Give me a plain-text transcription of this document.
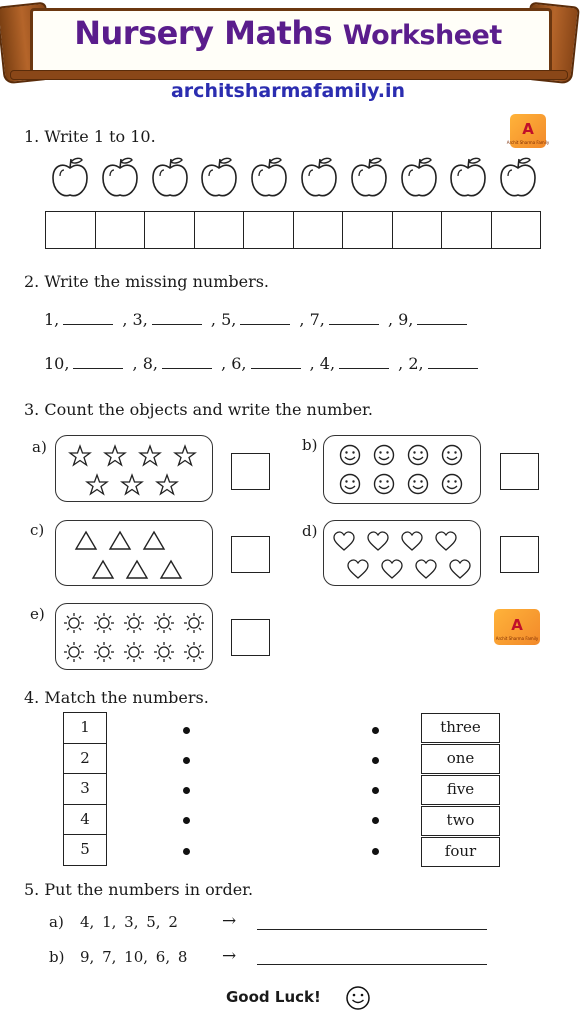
Nursery Maths Worksheet
architsharmafamily.in
A
Archit Sharma Family
A
Archit Sharma Family
1. Write 1 to 10.
2. Write the missing numbers.
1,	, 3,	, 5,	, 7,	, 9,
10,	, 8,	, 6,	, 4,	, 2,
3. Count the objects and write the number.
a)	b)
c)	d)
e)
4. Match the numbers.
1
2
3
4
5
three
one
five
two
four
5. Put the numbers in order.
a) 4, 1, 3, 5, 2	→
b) 9, 7, 10, 6, 8 →
Good Luck!
